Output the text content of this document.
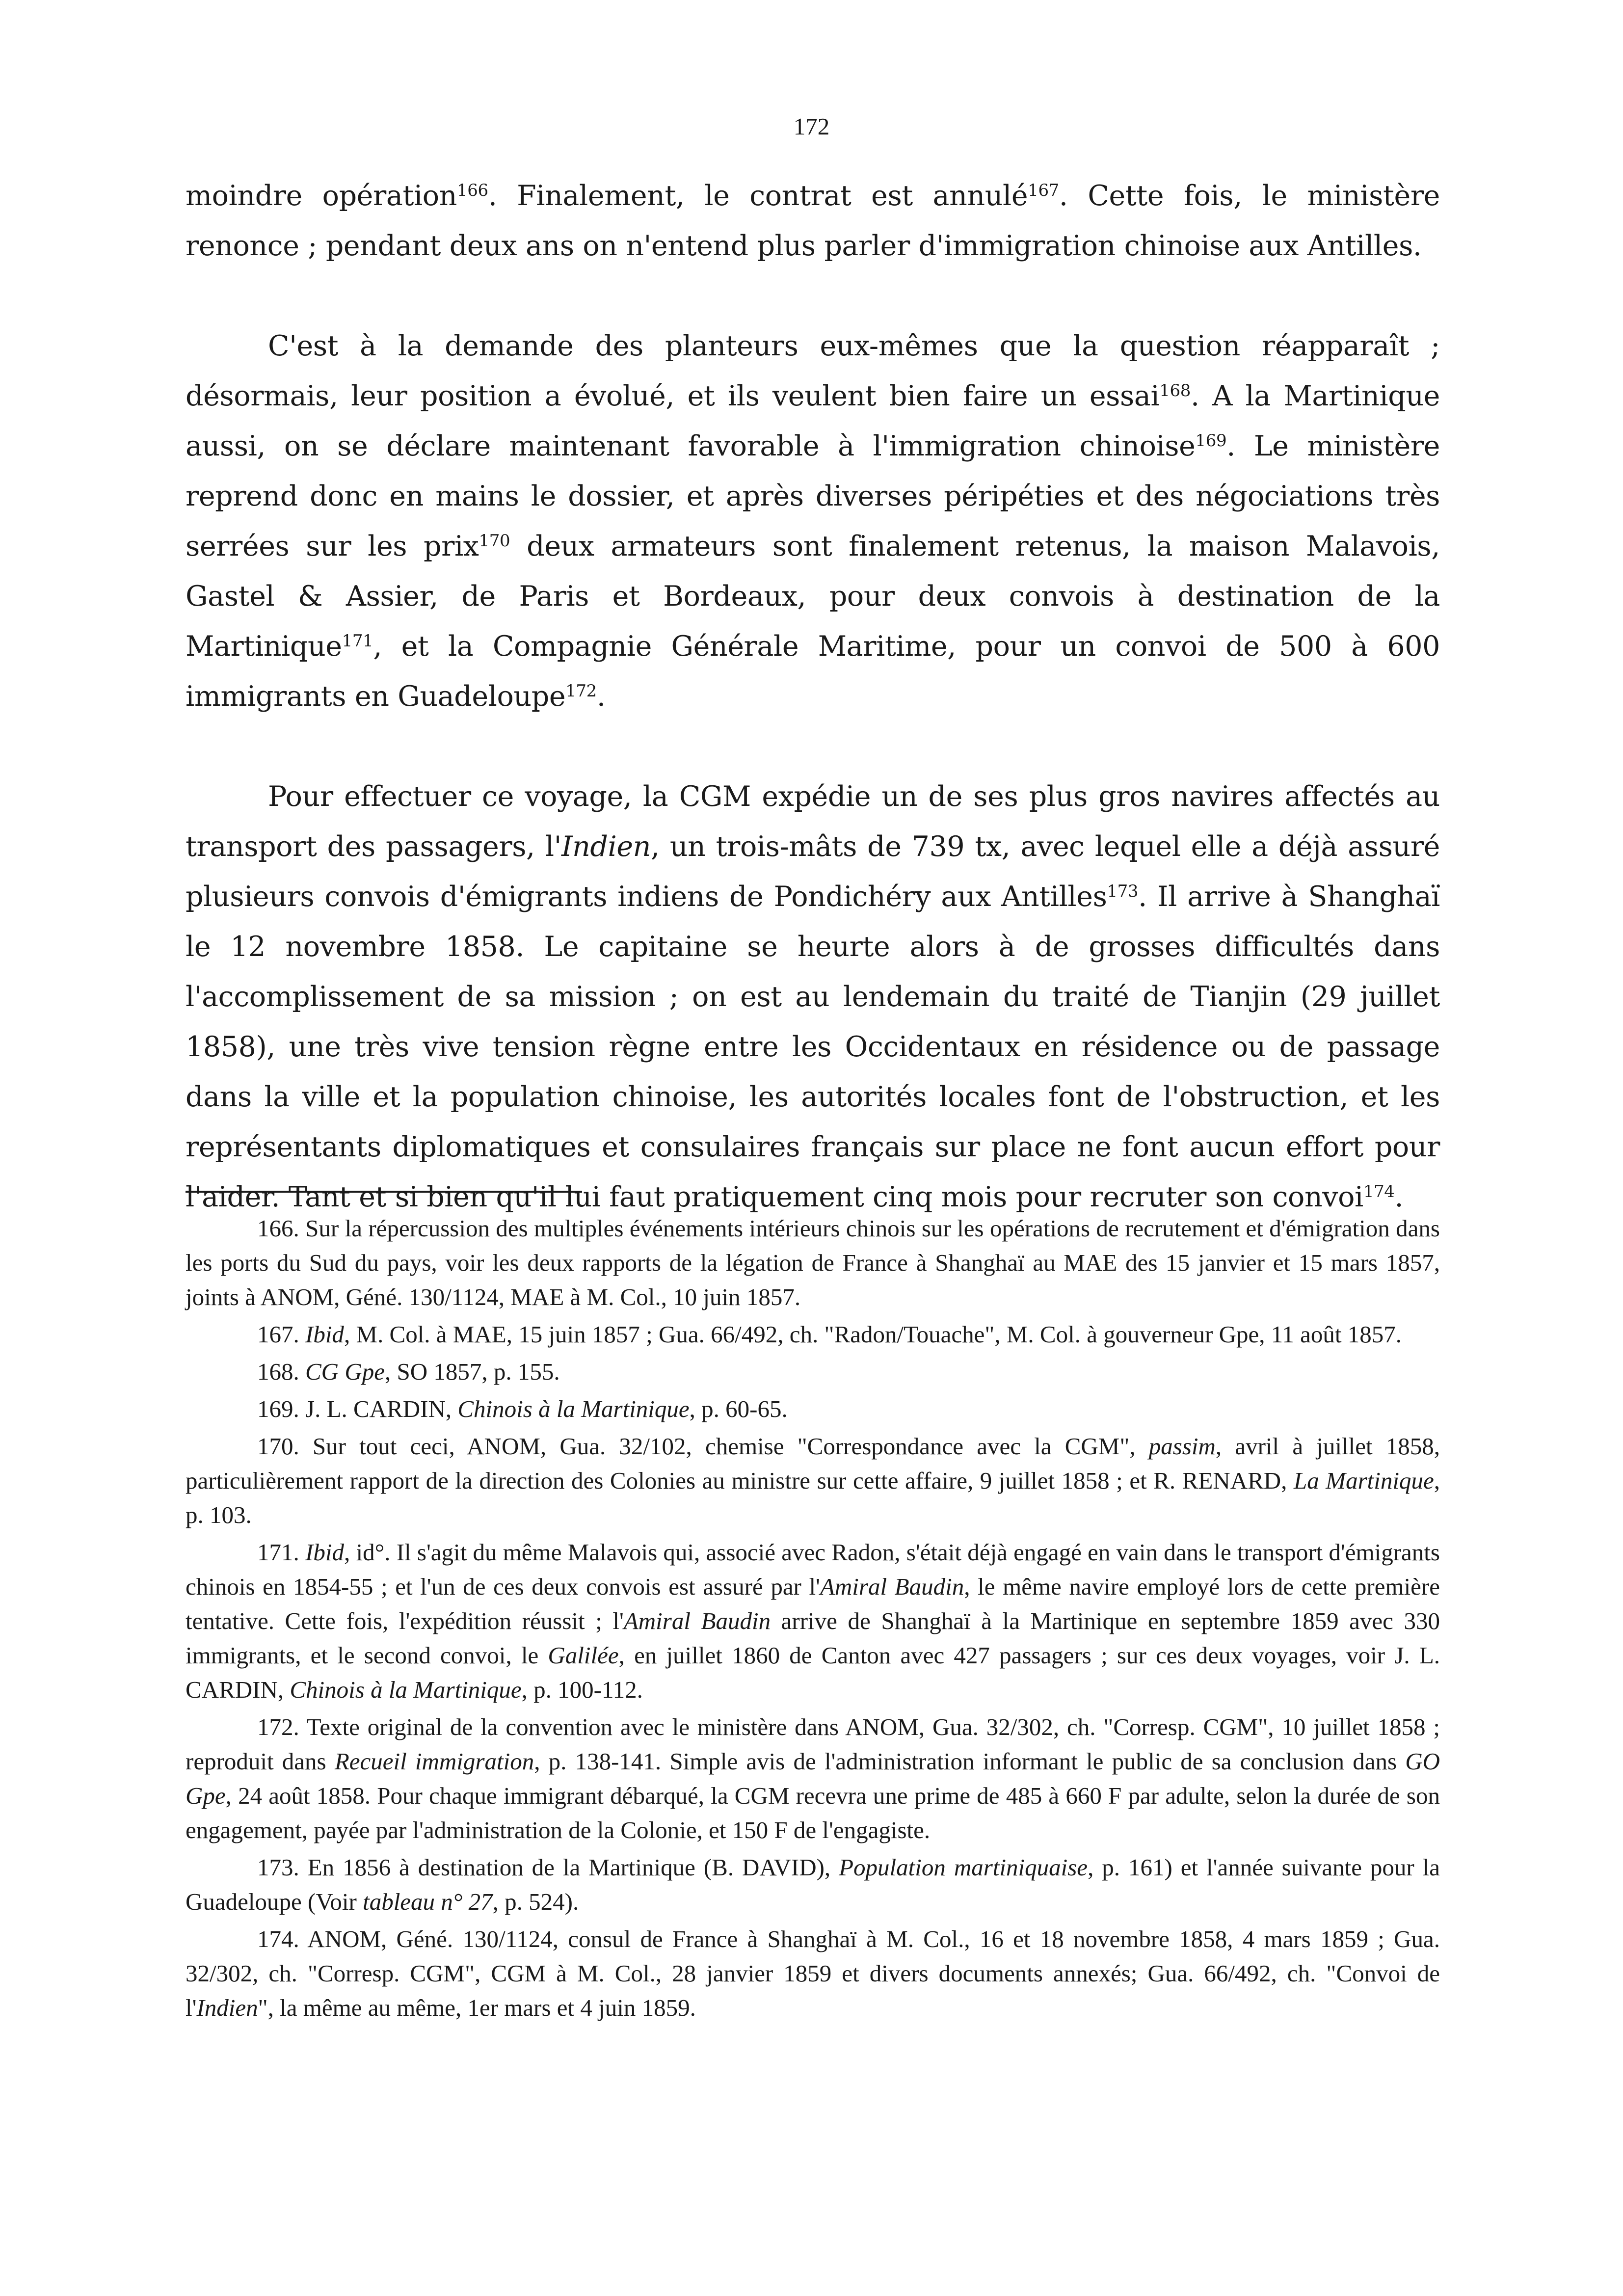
172

moindre opération$^{166}$. Finalement, le contrat est annulé$^{167}$. Cette fois, le ministère renonce ; pendant deux ans on n'entend plus parler d'immigration chinoise aux Antilles.

C'est à la demande des planteurs eux-mêmes que la question réapparaît ; désormais, leur position a évolué, et ils veulent bien faire un essai$^{168}$. A la Martinique aussi, on se déclare maintenant favorable à l'immigration chinoise$^{169}$. Le ministère reprend donc en mains le dossier, et après diverses péripéties et des négociations très serrées sur les prix$^{170}$ deux armateurs sont finalement retenus, la maison Malavois, Gastel & Assier, de Paris et Bordeaux, pour deux convois à destination de la Martinique$^{171}$, et la Compagnie Générale Maritime, pour un convoi de 500 à 600 immigrants en Guadeloupe$^{172}$.

Pour effectuer ce voyage, la CGM expédie un de ses plus gros navires affectés au transport des passagers, l'Indien, un trois-mâts de 739 tx, avec lequel elle a déjà assuré plusieurs convois d'émigrants indiens de Pondichéry aux Antilles$^{173}$. Il arrive à Shanghaï le 12 novembre 1858. Le capitaine se heurte alors à de grosses difficultés dans l'accomplissement de sa mission ; on est au lendemain du traité de Tianjin (29 juillet 1858), une très vive tension règne entre les Occidentaux en résidence ou de passage dans la ville et la population chinoise, les autorités locales font de l'obstruction, et les représentants diplomatiques et consulaires français sur place ne font aucun effort pour l'aider. Tant et si bien qu'il lui faut pratiquement cinq mois pour recruter son convoi$^{174}$.

166. Sur la répercussion des multiples événements intérieurs chinois sur les opérations de recrutement et d'émigration dans les ports du Sud du pays, voir les deux rapports de la légation de France à Shanghaï au MAE des 15 janvier et 15 mars 1857, joints à ANOM, Géné. 130/1124, MAE à M. Col., 10 juin 1857.

167. Ibid, M. Col. à MAE, 15 juin 1857 ; Gua. 66/492, ch. "Radon/Touache", M. Col. à gouverneur Gpe, 11 août 1857.

168. CG Gpe, SO 1857, p. 155.

169. J. L. CARDIN, Chinois à la Martinique, p. 60-65.

170. Sur tout ceci, ANOM, Gua. 32/102, chemise "Correspondance avec la CGM", passim, avril à juillet 1858, particulièrement rapport de la direction des Colonies au ministre sur cette affaire, 9 juillet 1858 ; et R. RENARD, La Martinique, p. 103.

171. Ibid, id°. Il s'agit du même Malavois qui, associé avec Radon, s'était déjà engagé en vain dans le transport d'émigrants chinois en 1854-55 ; et l'un de ces deux convois est assuré par l'Amiral Baudin, le même navire employé lors de cette première tentative. Cette fois, l'expédition réussit ; l'Amiral Baudin arrive de Shanghaï à la Martinique en septembre 1859 avec 330 immigrants, et le second convoi, le Galilée, en juillet 1860 de Canton avec 427 passagers ; sur ces deux voyages, voir J. L. CARDIN, Chinois à la Martinique, p. 100-112.

172. Texte original de la convention avec le ministère dans ANOM, Gua. 32/302, ch. "Corresp. CGM", 10 juillet 1858 ; reproduit dans Recueil immigration, p. 138-141. Simple avis de l'administration informant le public de sa conclusion dans GO Gpe, 24 août 1858. Pour chaque immigrant débarqué, la CGM recevra une prime de 485 à 660 F par adulte, selon la durée de son engagement, payée par l'administration de la Colonie, et 150 F de l'engagiste.

173. En 1856 à destination de la Martinique (B. DAVID), Population martiniquaise, p. 161) et l'année suivante pour la Guadeloupe (Voir tableau n° 27, p. 524).

174. ANOM, Géné. 130/1124, consul de France à Shanghaï à M. Col., 16 et 18 novembre 1858, 4 mars 1859 ; Gua. 32/302, ch. "Corresp. CGM", CGM à M. Col., 28 janvier 1859 et divers documents annexés; Gua. 66/492, ch. "Convoi de l'Indien", la même au même, 1er mars et 4 juin 1859.
